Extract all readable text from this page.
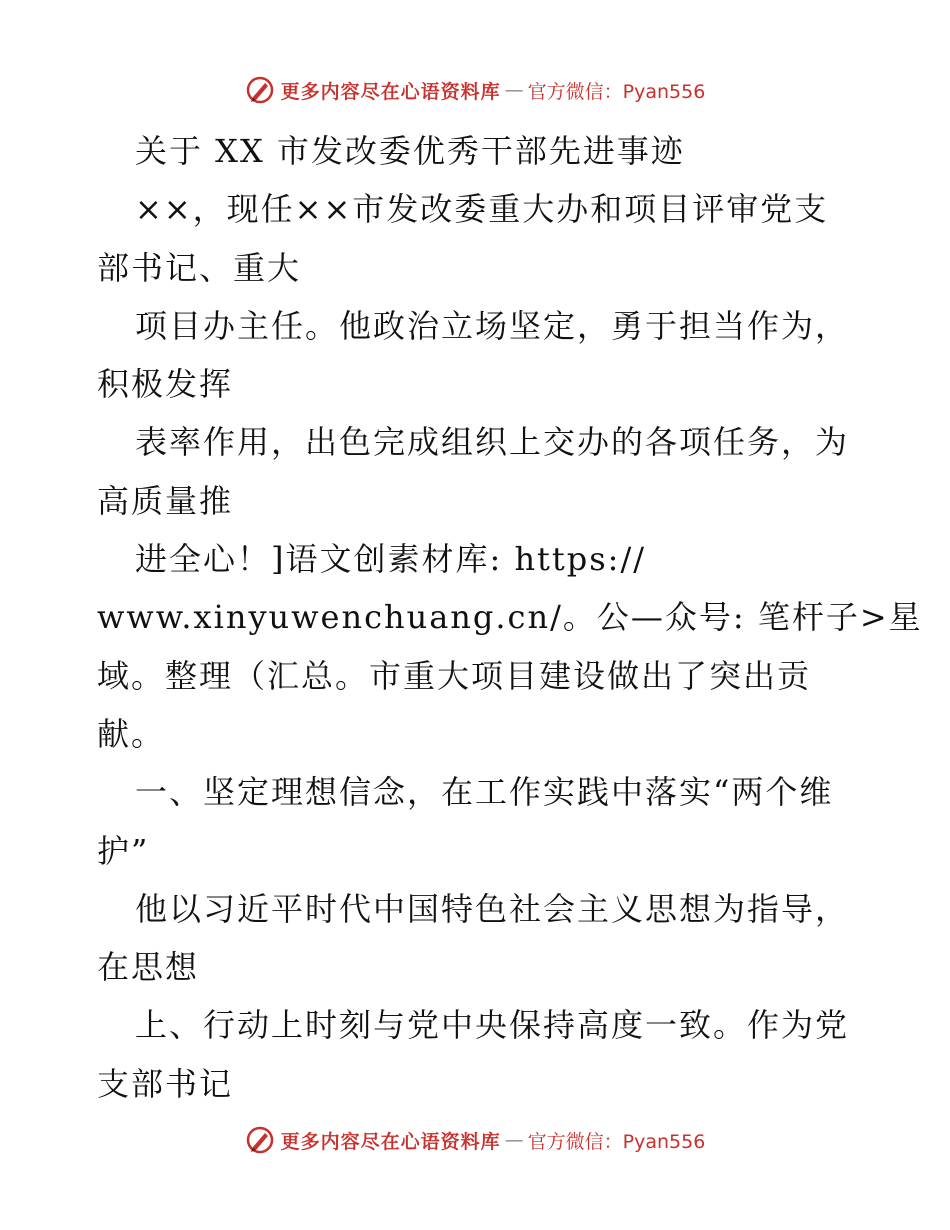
更多内容尽在心语资料库 — 官方微信：Pyan556
关于 XX 市发改委优秀干部先进事迹
××，现任××市发改委重大办和项目评审党支
部书记、重大
项目办主任。他政治立场坚定，勇于担当作为，
积极发挥
表率作用，出色完成组织上交办的各项任务，为
高质量推
进全心！]语文创素材库: https://
www.xinyuwenchuang.cn/。公—众号: 笔杆子>星
域。整理（汇总。市重大项目建设做出了突出贡
献。
一、坚定理想信念，在工作实践中落实“两个维
护”
他以习近平时代中国特色社会主义思想为指导，
在思想
上、行动上时刻与党中央保持高度一致。作为党
支部书记
更多内容尽在心语资料库 — 官方微信：Pyan556
